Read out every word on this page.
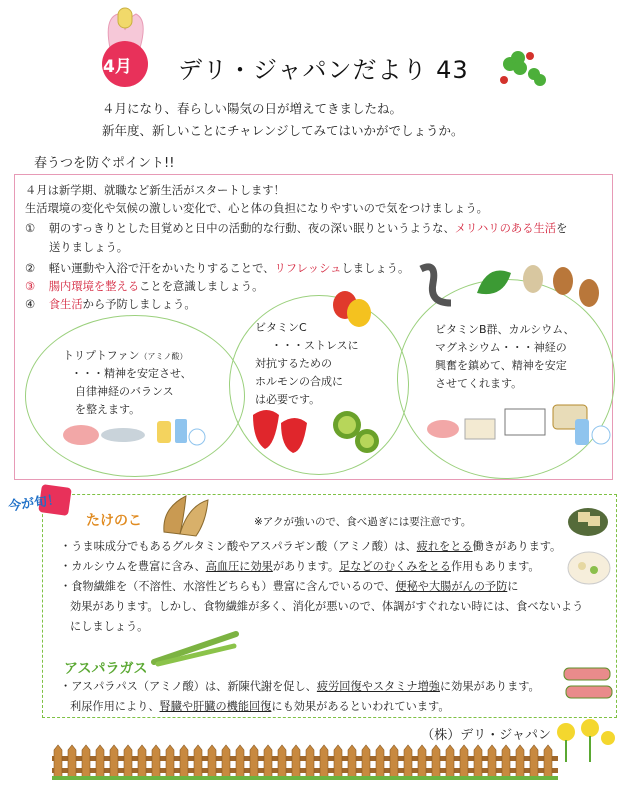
4月 デリ・ジャパンだより 43
４月になり、春らしい陽気の日が増えてきましたね。
新年度、新しいことにチャレンジしてみてはいかがでしょうか。
春うつを防ぐポイント!!
４月は新学期、就職など新生活がスタートします！
生活環境の変化や気候の激しい変化で、心と体の負担になりやすいので気をつけましょう。
① 朝のすっきりとした目覚めと日中の活動的な行動、夜の深い眠りというような、メリハリのある生活を
送りましょう。
② 軽い運動や入浴で汗をかいたりすることで、リフレッシュしましょう。
③ 腸内環境を整えることを意識しましょう。
④ 食生活から予防しましょう。
トリプトファン（アミノ酸）
・・・精神を安定させ、
自律神経のバランス
を整えます。
ビタミンC
・・・ストレスに
対抗するための
ホルモンの合成に
は必要です。
ビタミンB群、カルシウム、
マグネシウム・・・神経の
興奮を鎮めて、精神を安定
させてくれます。
今が旬！
たけのこ	※アクが強いので、食べ過ぎには要注意です。
・うま味成分でもあるグルタミン酸やアスパラギン酸（アミノ酸）は、疲れをとる働きがあります。
・カルシウムを豊富に含み、高血圧に効果があります。足などのむくみをとる作用もあります。
・食物繊維を（不溶性、水溶性どちらも）豊富に含んでいるので、便秘や大腸がんの予防に
効果があります。しかし、食物繊維が多く、消化が悪いので、体調がすぐれない時には、食べないよう
にしましょう。
アスパラガス
・アスパラパス（アミノ酸）は、新陳代謝を促し、疲労回復やスタミナ増強に効果があります。
利尿作用により、腎臓や肝臓の機能回復にも効果があるといわれています。
（株）デリ・ジャパン
